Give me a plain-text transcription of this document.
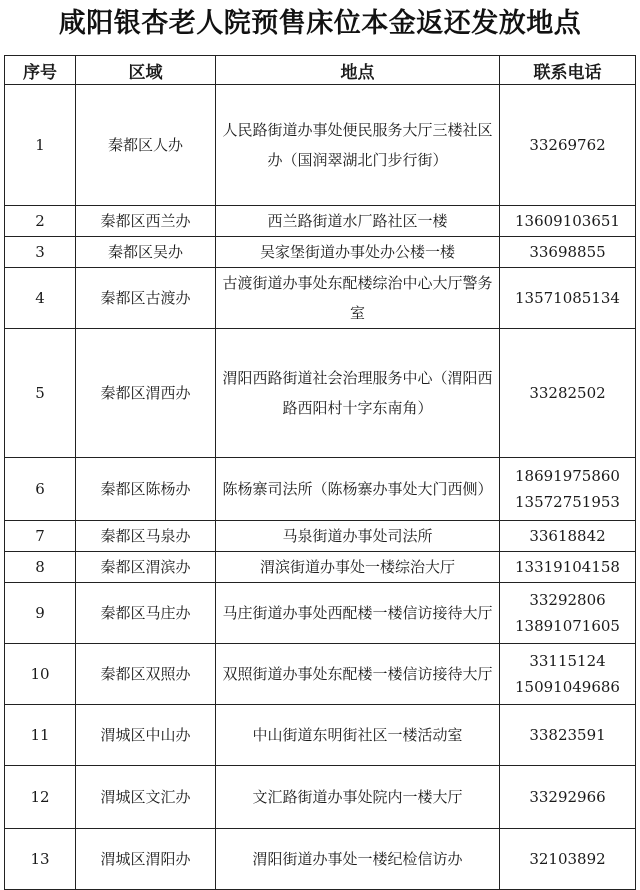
咸阳银杏老人院预售床位本金返还发放地点
序号	区域	地点	联系电话
1	秦都区人办	人民路街道办事处便民服务大厅三楼社区办（国润翠湖北门步行街）	33269762

2	秦都区西兰办	西兰路街道水厂路社区一楼	13609103651

3	秦都区吴办	吴家堡街道办事处办公楼一楼	33698855

4	秦都区古渡办	古渡街道办事处东配楼综治中心大厅警务室	13571085134

5	秦都区渭西办	渭阳西路街道社会治理服务中心（渭阳西路西阳村十字东南角）	33282502

6	秦都区陈杨办	陈杨寨司法所（陈杨寨办事处大门西侧）	18691975860
13572751953

7	秦都区马泉办	马泉街道办事处司法所	33618842

8	秦都区渭滨办	渭滨街道办事处一楼综治大厅	13319104158

9	秦都区马庄办	马庄街道办事处西配楼一楼信访接待大厅	33292806
13891071605

10	秦都区双照办	双照街道办事处东配楼一楼信访接待大厅	33115124
15091049686

11	渭城区中山办	中山街道东明街社区一楼活动室	33823591

12	渭城区文汇办	文汇路街道办事处院内一楼大厅	33292966

13	渭城区渭阳办	渭阳街道办事处一楼纪检信访办	32103892
